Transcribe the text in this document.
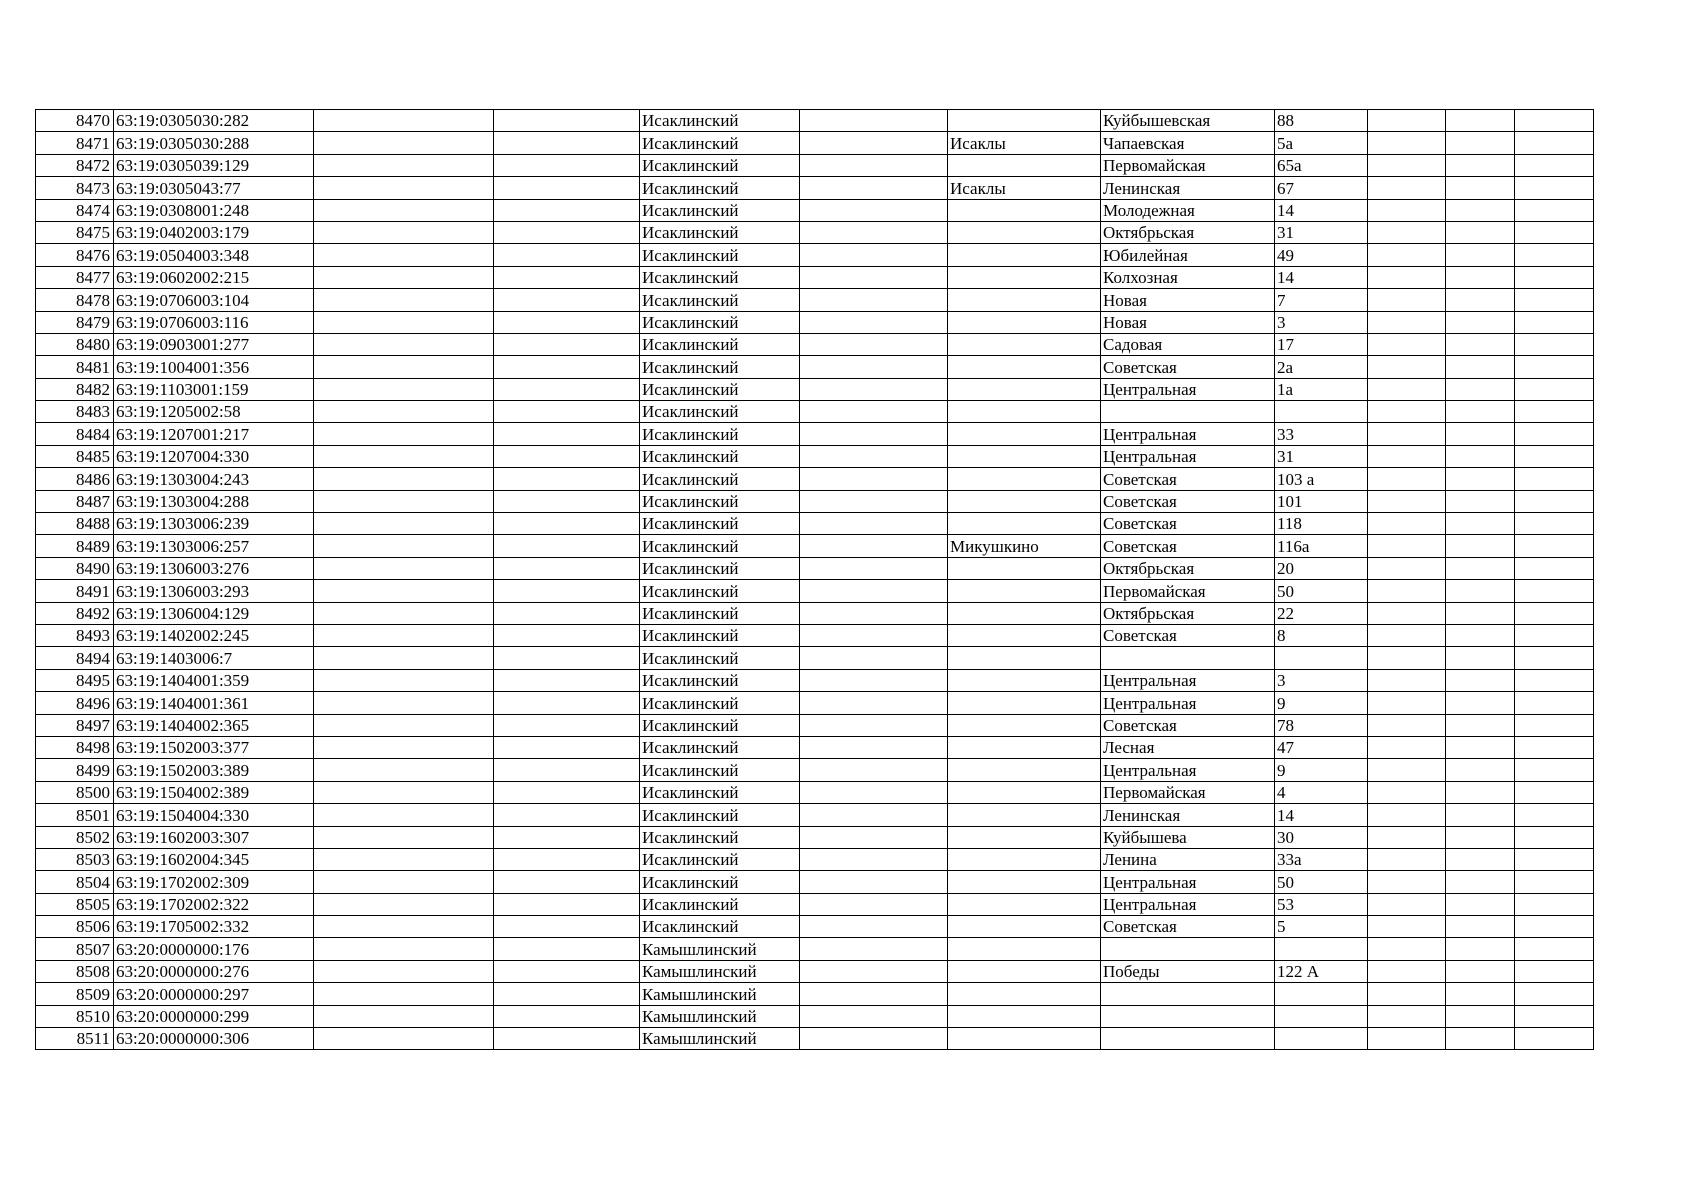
8470	63:19:0305030:282			Исаклинский			Куйбышевская	88			
8471	63:19:0305030:288			Исаклинский		Исаклы	Чапаевская	5а			
8472	63:19:0305039:129			Исаклинский			Первомайская	65а			
8473	63:19:0305043:77			Исаклинский		Исаклы	Ленинская	67			
8474	63:19:0308001:248			Исаклинский			Молодежная	14			
8475	63:19:0402003:179			Исаклинский			Октябрьская	31			
8476	63:19:0504003:348			Исаклинский			Юбилейная	49			
8477	63:19:0602002:215			Исаклинский			Колхозная	14			
8478	63:19:0706003:104			Исаклинский			Новая	7			
8479	63:19:0706003:116			Исаклинский			Новая	3			
8480	63:19:0903001:277			Исаклинский			Садовая	17			
8481	63:19:1004001:356			Исаклинский			Советская	2а			
8482	63:19:1103001:159			Исаклинский			Центральная	1а			
8483	63:19:1205002:58			Исаклинский							
8484	63:19:1207001:217			Исаклинский			Центральная	33			
8485	63:19:1207004:330			Исаклинский			Центральная	31			
8486	63:19:1303004:243			Исаклинский			Советская	103 а			
8487	63:19:1303004:288			Исаклинский			Советская	101			
8488	63:19:1303006:239			Исаклинский			Советская	118			
8489	63:19:1303006:257			Исаклинский		Микушкино	Советская	116а			
8490	63:19:1306003:276			Исаклинский			Октябрьская	20			
8491	63:19:1306003:293			Исаклинский			Первомайская	50			
8492	63:19:1306004:129			Исаклинский			Октябрьская	22			
8493	63:19:1402002:245			Исаклинский			Советская	8			
8494	63:19:1403006:7			Исаклинский							
8495	63:19:1404001:359			Исаклинский			Центральная	3			
8496	63:19:1404001:361			Исаклинский			Центральная	9			
8497	63:19:1404002:365			Исаклинский			Советская	78			
8498	63:19:1502003:377			Исаклинский			Лесная	47			
8499	63:19:1502003:389			Исаклинский			Центральная	9			
8500	63:19:1504002:389			Исаклинский			Первомайская	4			
8501	63:19:1504004:330			Исаклинский			Ленинская	14			
8502	63:19:1602003:307			Исаклинский			Куйбышева	30			
8503	63:19:1602004:345			Исаклинский			Ленина	33а			
8504	63:19:1702002:309			Исаклинский			Центральная	50			
8505	63:19:1702002:322			Исаклинский			Центральная	53			
8506	63:19:1705002:332			Исаклинский			Советская	5			
8507	63:20:0000000:176			Камышлинский							
8508	63:20:0000000:276			Камышлинский			Победы	122 А			
8509	63:20:0000000:297			Камышлинский							
8510	63:20:0000000:299			Камышлинский							
8511	63:20:0000000:306			Камышлинский							
